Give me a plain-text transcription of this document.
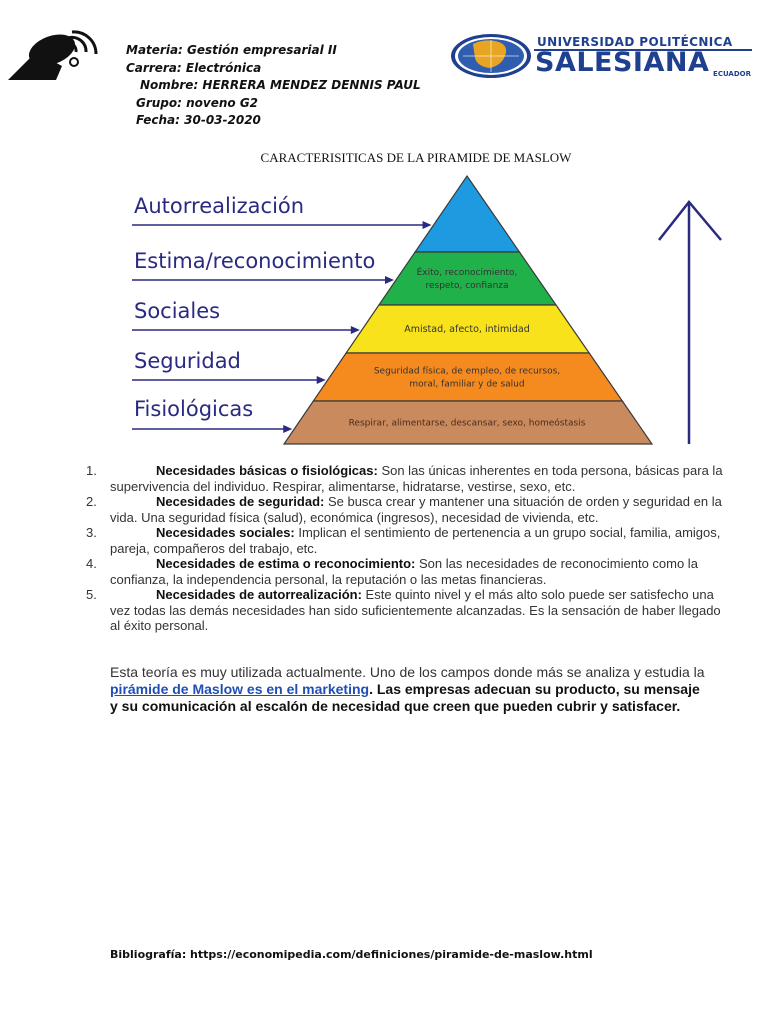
Materia: Gestión empresarial II
Carrera: Electrónica
Nombre: HERRERA MENDEZ DENNIS PAUL
Grupo: noveno G2
Fecha: 30-03-2020
UNIVERSIDAD POLITÉCNICA
SALESIANA ECUADOR
CARACTERISITICAS DE LA PIRAMIDE DE MASLOW
Éxito, reconocimiento,
respeto, confianza
Amistad, afecto, intimidad
Seguridad física, de empleo, de recursos,
moral, familiar y de salud
Respirar, alimentarse, descansar, sexo, homeóstasis
Autorrealización
Estima/reconocimiento
Sociales
Seguridad
Fisiológicas
1.	Necesidades básicas o fisiológicas: Son las únicas inherentes en toda persona, básicas para la supervivencia del individuo. Respirar, alimentarse, hidratarse, vestirse, sexo, etc.
2.	Necesidades de seguridad: Se busca crear y mantener una situación de orden y seguridad en la vida. Una seguridad física (salud), económica (ingresos), necesidad de vivienda, etc.
3.	Necesidades sociales: Implican el sentimiento de pertenencia a un grupo social, familia, amigos, pareja, compañeros del trabajo, etc.
4.	Necesidades de estima o reconocimiento: Son las necesidades de reconocimiento como la confianza, la independencia personal, la reputación o las metas financieras.
5.	Necesidades de autorrealización: Este quinto nivel y el más alto solo puede ser satisfecho una vez todas las demás necesidades han sido suficientemente alcanzadas. Es la sensación de haber llegado al éxito personal.
Esta teoría es muy utilizada actualmente. Uno de los campos donde más se analiza y estudia la pirámide de Maslow es en el marketing. Las empresas adecuan su producto, su mensaje y su comunicación al escalón de necesidad que creen que pueden cubrir y satisfacer.
Bibliografía: https://economipedia.com/definiciones/piramide-de-maslow.html
